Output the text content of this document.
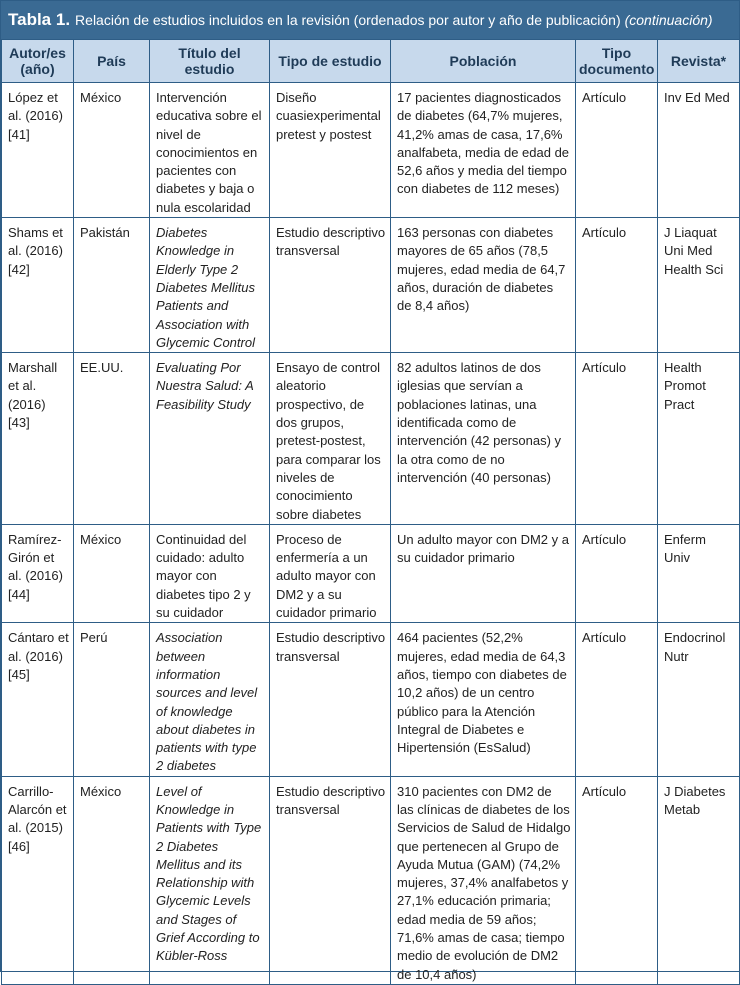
Tabla 1. Relación de estudios incluidos en la revisión (ordenados por autor y año de publicación) (continuación)
Autor/es (año)	País	Título del estudio	Tipo de estudio	Población	Tipo documento	Revista*
López et al. (2016) [41]	México	Intervención educativa sobre el nivel de conocimientos en pacientes con diabetes y baja o nula escolaridad	Diseño cuasiexperimental pretest y postest	17 pacientes diagnosticados de diabetes (64,7% mujeres, 41,2% amas de casa, 17,6% analfabeta, media de edad de 52,6 años y media del tiempo con diabetes de 112 meses)	Artículo	Inv Ed Med
Shams et al. (2016) [42]	Pakistán	Diabetes Knowledge in Elderly Type 2 Diabetes Mellitus Patients and Association with Glycemic Control	Estudio descriptivo transversal	163 personas con diabetes mayores de 65 años (78,5 mujeres, edad media de 64,7 años, duración de diabetes de 8,4 años)	Artículo	J Liaquat Uni Med Health Sci
Marshall et al. (2016) [43]	EE.UU.	Evaluating Por Nuestra Salud: A Feasibility Study	Ensayo de control aleatorio prospectivo, de dos grupos, pretest-postest, para comparar los niveles de conocimiento sobre diabetes	82 adultos latinos de dos iglesias que servían a poblaciones latinas, una identificada como de intervención (42 personas) y la otra como de no intervención (40 personas)	Artículo	Health Promot Pract
Ramírez-Girón et al. (2016) [44]	México	Continuidad del cuidado: adulto mayor con diabetes tipo 2 y su cuidador	Proceso de enfermería a un adulto mayor con DM2 y a su cuidador primario	Un adulto mayor con DM2 y a su cuidador primario	Artículo	Enferm Univ
Cántaro et al. (2016) [45]	Perú	Association between information sources and level of knowledge about diabetes in patients with type 2 diabetes	Estudio descriptivo transversal	464 pacientes (52,2% mujeres, edad media de 64,3 años, tiempo con diabetes de 10,2 años) de un centro público para la Atención Integral de Diabetes e Hipertensión (EsSalud)	Artículo	Endocrinol Nutr
Carrillo-Alarcón et al. (2015) [46]	México	Level of Knowledge in Patients with Type 2 Diabetes Mellitus and its Relationship with Glycemic Levels and Stages of Grief According to Kübler-Ross	Estudio descriptivo transversal	310 pacientes con DM2 de las clínicas de diabetes de los Servicios de Salud de Hidalgo que pertenecen al Grupo de Ayuda Mutua (GAM) (74,2% mujeres, 37,4% analfabetos y 27,1% educación primaria; edad media de 59 años; 71,6% amas de casa; tiempo medio de evolución de DM2 de 10,4 años)	Artículo	J Diabetes Metab
